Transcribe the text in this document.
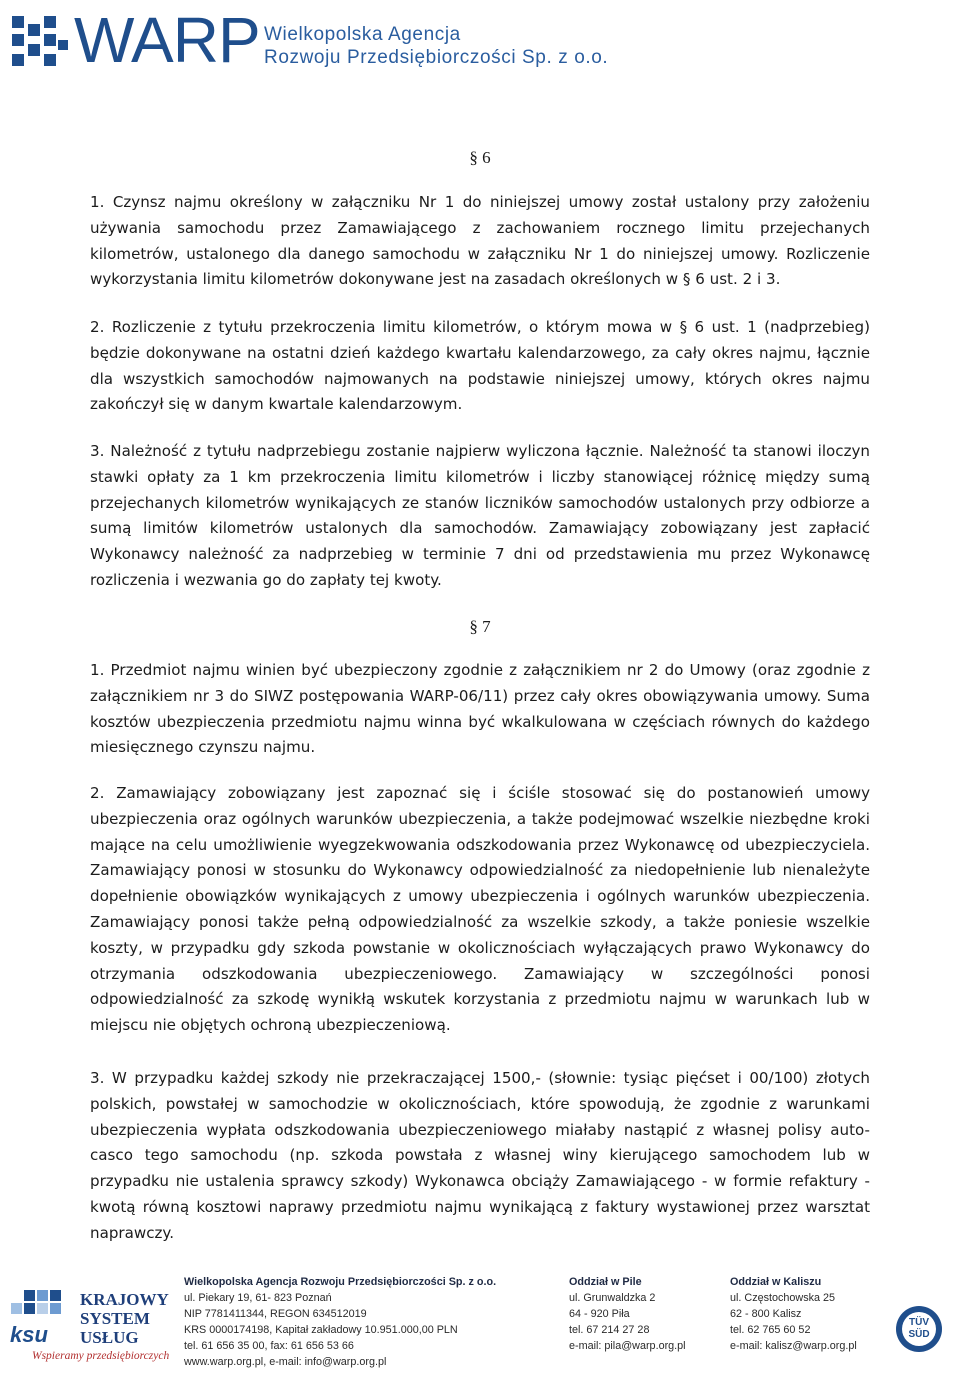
WARP Wielkopolska Agencja
Rozwoju Przedsiębiorczości Sp. z o.o.
§ 6

1. Czynsz najmu określony w załączniku Nr 1 do niniejszej umowy został ustalony przy założeniu używania samochodu przez Zamawiającego z zachowaniem rocznego limitu przejechanych kilometrów, ustalonego dla danego samochodu w załączniku Nr 1 do niniejszej umowy. Rozliczenie wykorzystania limitu kilometrów dokonywane jest na zasadach określonych w § 6 ust. 2 i 3.

2. Rozliczenie z tytułu przekroczenia limitu kilometrów, o którym mowa w § 6 ust. 1 (nadprzebieg) będzie dokonywane na ostatni dzień każdego kwartału kalendarzowego, za cały okres najmu, łącznie dla wszystkich samochodów najmowanych na podstawie niniejszej umowy, których okres najmu zakończył się w danym kwartale kalendarzowym.

3. Należność z tytułu nadprzebiegu zostanie najpierw wyliczona łącznie. Należność ta stanowi iloczyn stawki opłaty za 1 km przekroczenia limitu kilometrów i liczby stanowiącej różnicę między sumą przejechanych kilometrów wynikających ze stanów liczników samochodów ustalonych przy odbiorze a sumą limitów kilometrów ustalonych dla samochodów. Zamawiający zobowiązany jest zapłacić Wykonawcy należność za nadprzebieg w terminie 7 dni od przedstawienia mu przez Wykonawcę rozliczenia i wezwania go do zapłaty tej kwoty.

§ 7

1. Przedmiot najmu winien być ubezpieczony zgodnie z załącznikiem nr 2 do Umowy (oraz zgodnie z załącznikiem nr 3 do SIWZ postępowania WARP-06/11) przez cały okres obowiązywania umowy. Suma kosztów ubezpieczenia przedmiotu najmu winna być wkalkulowana w częściach równych do każdego miesięcznego czynszu najmu.

2. Zamawiający zobowiązany jest zapoznać się i ściśle stosować się do postanowień umowy ubezpieczenia oraz ogólnych warunków ubezpieczenia, a także podejmować wszelkie niezbędne kroki mające na celu umożliwienie wyegzekwowania odszkodowania przez Wykonawcę od ubezpieczyciela. Zamawiający ponosi w stosunku do Wykonawcy odpowiedzialność za niedopełnienie lub nienależyte dopełnienie obowiązków wynikających z umowy ubezpieczenia i ogólnych warunków ubezpieczenia. Zamawiający ponosi także pełną odpowiedzialność za wszelkie szkody, a także poniesie wszelkie koszty, w przypadku gdy szkoda powstanie w okolicznościach wyłączających prawo Wykonawcy do otrzymania odszkodowania ubezpieczeniowego. Zamawiający w szczególności ponosi odpowiedzialność za szkodę wynikłą wskutek korzystania z przedmiotu najmu w warunkach lub w miejscu nie objętych ochroną ubezpieczeniową.

3. W przypadku każdej szkody nie przekraczającej 1500,- (słownie: tysiąc pięćset i 00/100) złotych polskich, powstałej w samochodzie w okolicznościach, które spowodują, że zgodnie z warunkami ubezpieczenia wypłata odszkodowania ubezpieczeniowego miałaby nastąpić z własnej polisy auto-casco tego samochodu (np. szkoda powstała z własnej winy kierującego samochodem lub w przypadku nie ustalenia sprawcy szkody) Wykonawca obciąży Zamawiającego - w formie refaktury - kwotą równą kosztowi naprawy przedmiotu najmu wynikającą z faktury wystawionej przez warsztat naprawczy.

ksu
KRAJOWY
SYSTEM
USŁUG
Wspieramy przedsiębiorczych
Wielkopolska Agencja Rozwoju Przedsiębiorczości Sp. z o.o.
ul. Piekary 19, 61- 823 Poznań
NIP 7781411344, REGON 634512019
KRS 0000174198, Kapitał zakładowy 10.951.000,00 PLN
tel. 61 656 35 00, fax: 61 656 53 66
www.warp.org.pl, e-mail: info@warp.org.pl
Oddział w Pile
ul. Grunwaldzka 2
64 - 920 Piła
tel. 67 214 27 28
e-mail: pila@warp.org.pl
Oddział w Kaliszu
ul. Częstochowska 25
62 - 800 Kalisz
tel. 62 765 60 52
e-mail: kalisz@warp.org.pl
TÜV
SÜD
